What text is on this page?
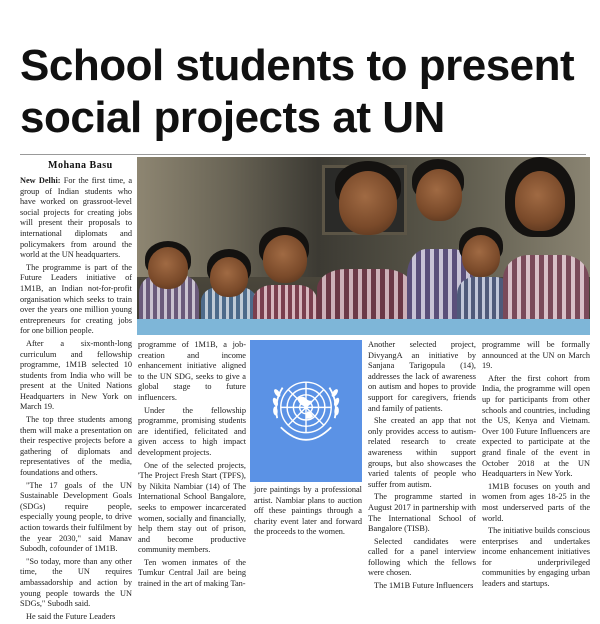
School students to present
social projects at UN
Mohana Basu

New Delhi: For the first time, a group of Indian students who have worked on grassroot-level social projects for creating jobs will present their proposals to international diplomats and policymakers from around the world at the UN headquarters.

The programme is part of the Future Leaders initiative of 1M1B, an Indian not-for-profit organisation which seeks to train over the years one million young entrepreneurs for creating jobs for one billion people.

After a six-month-long curriculum and fellowship programme, 1M1B selected 10 students from India who will be present at the United Nations Headquarters in New York on March 19.

The top three students among them will make a presentation on their respective projects before a gathering of diplomats and representatives of the media, foundations and others.

"The 17 goals of the UN Sustainable Development Goals (SDGs) require people, especially young people, to drive action towards their fulfilment by the year 2030," said Manav Subodh, cofounder of 1M1B.

"So today, more than any other time, the UN requires ambassadorship and action by young people towards the UN SDGs," Subodh said.

He said the Future Leaders

programme of 1M1B, a job-creation and income enhancement initiative aligned to the UN SDG, seeks to give a global stage to future influencers.

Under the fellowship programme, promising students are identified, felicitated and given access to high impact development projects.

One of the selected projects, 'The Project Fresh Start (TPFS), by Nikita Nambiar (14) of The International School Bangalore, seeks to empower incarcerated women, socially and financially, help them stay out of prison, and become productive community members.

Ten women inmates of the Tumkur Central Jail are being trained in the art of making Tan-

jore paintings by a professional artist. Nambiar plans to auction off these paintings through a charity event later and forward the proceeds to the women.

Another selected project, DivyangA an initiative by Sanjana Tarigopula (14), addresses the lack of awareness on autism and hopes to provide support for caregivers, friends and family of patients.

She created an app that not only provides access to autism-related research to create awareness within support groups, but also showcases the varied talents of people who suffer from autism.

The programme started in August 2017 in partnership with The International School of Bangalore (TISB).

Selected candidates were called for a panel interview following which the fellows were chosen.

The 1M1B Future Influencers

programme will be formally announced at the UN on March 19.

After the first cohort from India, the programme will open up for participants from other schools and countries, including the US, Kenya and Vietnam. Over 100 Future Influencers are expected to participate at the grand finale of the event in October 2018 at the UN Headquarters in New York.

1M1B focuses on youth and women from ages 18-25 in the most underserved parts of the world.

The initiative builds conscious enterprises and undertakes income enhancement initiatives for underprivileged communities by engaging urban leaders and startups.
